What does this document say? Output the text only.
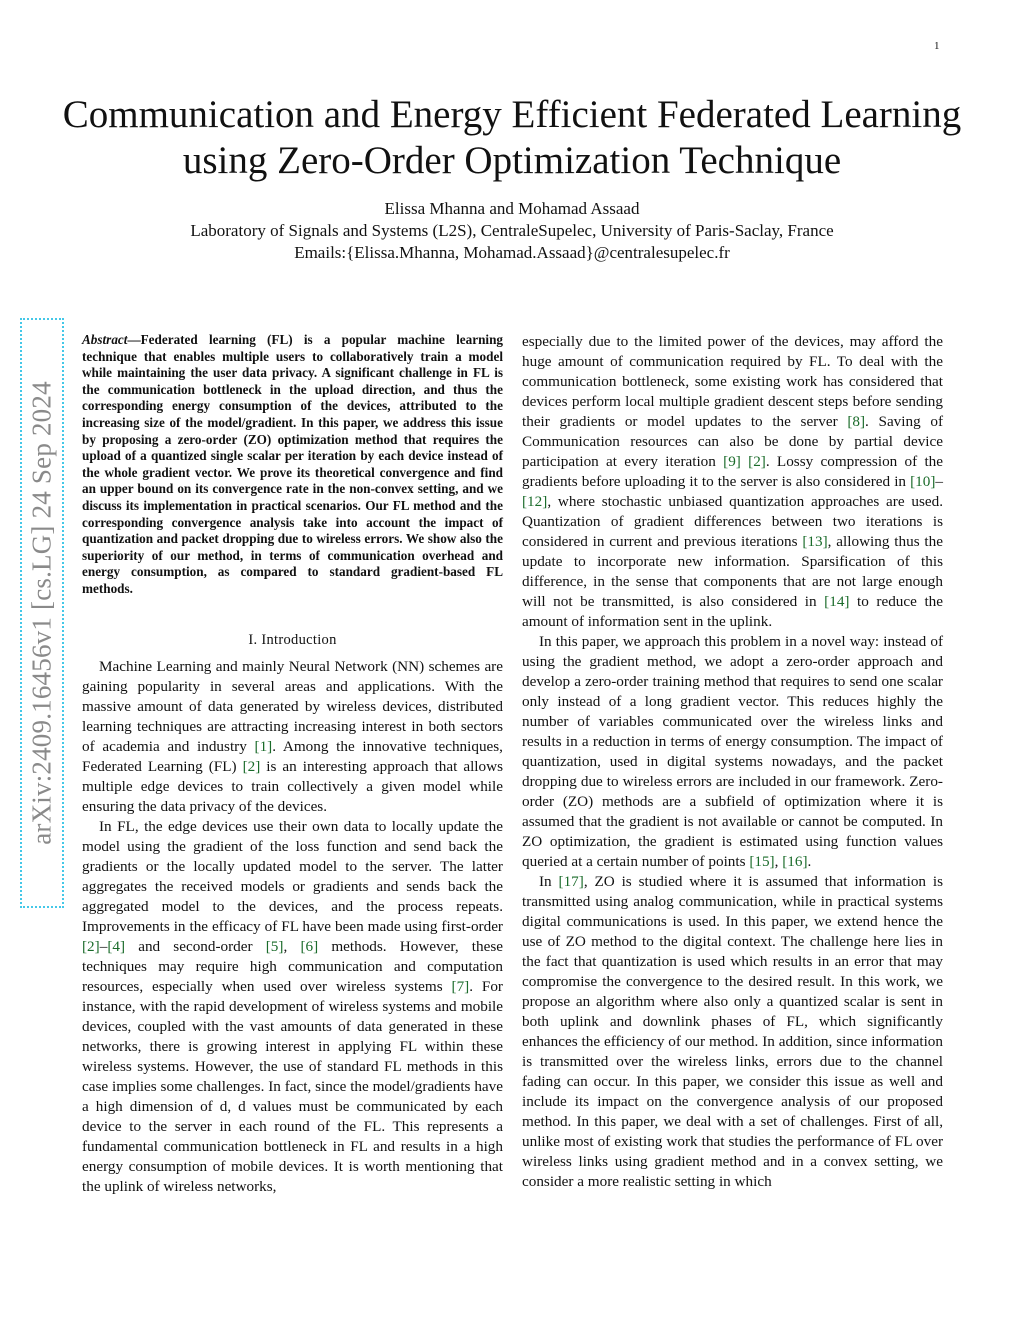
1
arXiv:2409.16456v1 [cs.LG] 24 Sep 2024
Communication and Energy Efficient Federated Learning using Zero-Order Optimization Technique
Elissa Mhanna and Mohamad Assaad
Laboratory of Signals and Systems (L2S), CentraleSupelec, University of Paris-Saclay, France
Emails:{Elissa.Mhanna, Mohamad.Assaad}@centralesupelec.fr

Abstract—Federated learning (FL) is a popular machine learning technique that enables multiple users to collaboratively train a model while maintaining the user data privacy. A significant challenge in FL is the communication bottleneck in the upload direction, and thus the corresponding energy consumption of the devices, attributed to the increasing size of the model/gradient. In this paper, we address this issue by proposing a zero-order (ZO) optimization method that requires the upload of a quantized single scalar per iteration by each device instead of the whole gradient vector. We prove its theoretical convergence and find an upper bound on its convergence rate in the non-convex setting, and we discuss its implementation in practical scenarios. Our FL method and the corresponding convergence analysis take into account the impact of quantization and packet dropping due to wireless errors. We show also the superiority of our method, in terms of communication overhead and energy consumption, as compared to standard gradient-based FL methods.

I. Introduction

Machine Learning and mainly Neural Network (NN) schemes are gaining popularity in several areas and applications. With the massive amount of data generated by wireless devices, distributed learning techniques are attracting increasing interest in both sectors of academia and industry [1]. Among the innovative techniques, Federated Learning (FL) [2] is an interesting approach that allows multiple edge devices to train collectively a given model while ensuring the data privacy of the devices.

In FL, the edge devices use their own data to locally update the model using the gradient of the loss function and send back the gradients or the locally updated model to the server. The latter aggregates the received models or gradients and sends back the aggregated model to the devices, and the process repeats. Improvements in the efficacy of FL have been made using first-order [2]–[4] and second-order [5], [6] methods. However, these techniques may require high communication and computation resources, especially when used over wireless systems [7]. For instance, with the rapid development of wireless systems and mobile devices, coupled with the vast amounts of data generated in these networks, there is growing interest in applying FL within these wireless systems. However, the use of standard FL methods in this case implies some challenges. In fact, since the model/gradients have a high dimension of d, d values must be communicated by each device to the server in each round of the FL. This represents a fundamental communication bottleneck in FL and results in a high energy consumption of mobile devices. It is worth mentioning that the uplink of wireless networks,

especially due to the limited power of the devices, may afford the huge amount of communication required by FL. To deal with the communication bottleneck, some existing work has considered that devices perform local multiple gradient descent steps before sending their gradients or model updates to the server [8]. Saving of Communication resources can also be done by partial device participation at every iteration [9] [2]. Lossy compression of the gradients before uploading it to the server is also considered in [10]–[12], where stochastic unbiased quantization approaches are used. Quantization of gradient differences between two iterations is considered in current and previous iterations [13], allowing thus the update to incorporate new information. Sparsification of this difference, in the sense that components that are not large enough will not be transmitted, is also considered in [14] to reduce the amount of information sent in the uplink.

In this paper, we approach this problem in a novel way: instead of using the gradient method, we adopt a zero-order approach and develop a zero-order training method that requires to send one scalar only instead of a long gradient vector. This reduces highly the number of variables communicated over the wireless links and results in a reduction in terms of energy consumption. The impact of quantization, used in digital systems nowadays, and the packet dropping due to wireless errors are included in our framework. Zero-order (ZO) methods are a subfield of optimization where it is assumed that the gradient is not available or cannot be computed. In ZO optimization, the gradient is estimated using function values queried at a certain number of points [15], [16].

In [17], ZO is studied where it is assumed that information is transmitted using analog communication, while in practical systems digital communications is used. In this paper, we extend hence the use of ZO method to the digital context. The challenge here lies in the fact that quantization is used which results in an error that may compromise the convergence to the desired result. In this work, we propose an algorithm where also only a quantized scalar is sent in both uplink and downlink phases of FL, which significantly enhances the efficiency of our method. In addition, since information is transmitted over the wireless links, errors due to the channel fading can occur. In this paper, we consider this issue as well and include its impact on the convergence analysis of our proposed method. In this paper, we deal with a set of challenges. First of all, unlike most of existing work that studies the performance of FL over wireless links using gradient method and in a convex setting, we consider a more realistic setting in which
